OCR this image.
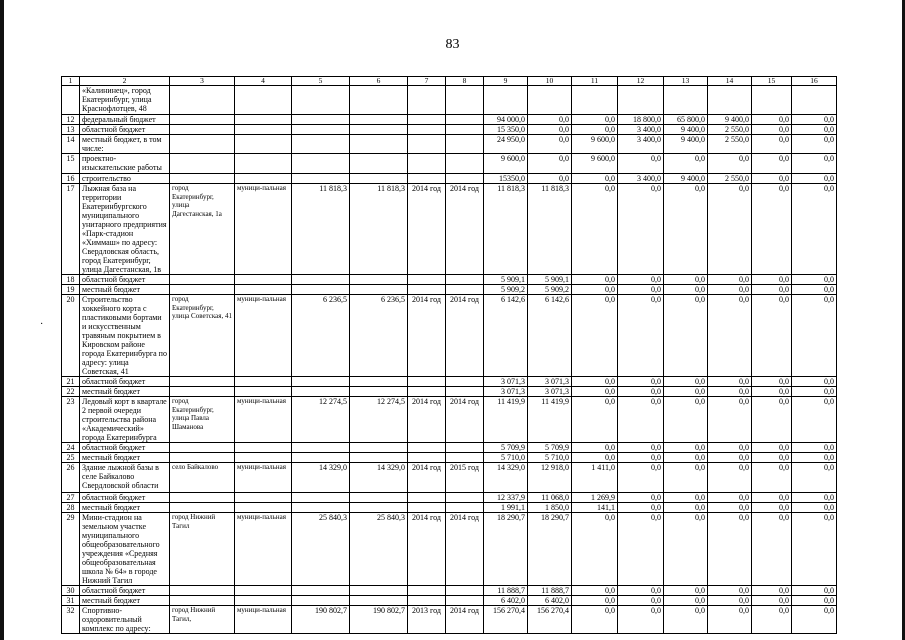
83
·
1	2	3	4	5	6	7	8	9	10	11	12	13	14	15	16
	«Калининец», город Екатеринбург, улица Краснофлотцев, 48														
12	федеральный бюджет							94 000,0	0,0	0,0	18 800,0	65 800,0	9 400,0	0,0	0,0
13	областной бюджет							15 350,0	0,0	0,0	3 400,0	9 400,0	2 550,0	0,0	0,0
14	местный бюджет, в том числе:							24 950,0	0,0	9 600,0	3 400,0	9 400,0	2 550,0	0,0	0,0
15	проектно-изыскательские работы							9 600,0	0,0	9 600,0	0,0	0,0	0,0	0,0	0,0
16	строительство							15350,0	0,0	0,0	3 400,0	9 400,0	2 550,0	0,0	0,0
17	Лыжная база на территории Екатеринбургского муниципального унитарного предприятия «Парк-стадион «Химмаш» по адресу: Свердловская область, город Екатеринбург, улица Дагестанская, 1в	город Екатеринбург, улица Дагестанская, 1а	муници-пальная	11 818,3	11 818,3	2014 год	2014 год	11 818,3	11 818,3	0,0	0,0	0,0	0,0	0,0	0,0
18	областной бюджет							5 909,1	5 909,1	0,0	0,0	0,0	0,0	0,0	0,0
19	местный бюджет							5 909,2	5 909,2	0,0	0,0	0,0	0,0	0,0	0,0
20	Строительство хоккейного корта с пластиковыми бортами и искусственным травяным покрытием в Кировском районе города Екатеринбурга по адресу: улица Советская, 41	город Екатеринбург, улица Советская, 41	муници-пальная	6 236,5	6 236,5	2014 год	2014 год	6 142,6	6 142,6	0,0	0,0	0,0	0,0	0,0	0,0
21	областной бюджет							3 071,3	3 071,3	0,0	0,0	0,0	0,0	0,0	0,0
22	местный бюджет							3 071,3	3 071,3	0,0	0,0	0,0	0,0	0,0	0,0
23	Ледовый корт в квартале 2 первой очереди строительства района «Академический» города Екатеринбурга	город Екатеринбург, улица Павла Шаманова	муници-пальная	12 274,5	12 274,5	2014 год	2014 год	11 419,9	11 419,9	0,0	0,0	0,0	0,0	0,0	0,0
24	областной бюджет							5 709,9	5 709,9	0,0	0,0	0,0	0,0	0,0	0,0
25	местный бюджет							5 710,0	5 710,0	0,0	0,0	0,0	0,0	0,0	0,0
26	Здание лыжной базы в селе Байкалово Свердловской области	село Байкалово	муници-пальная	14 329,0	14 329,0	2014 год	2015 год	14 329,0	12 918,0	1 411,0	0,0	0,0	0,0	0,0	0,0
27	областной бюджет							12 337,9	11 068,0	1 269,9	0,0	0,0	0,0	0,0	0,0
28	местный бюджет							1 991,1	1 850,0	141,1	0,0	0,0	0,0	0,0	0,0
29	Мини-стадион на земельном участке муниципального общеобразовательного учреждения «Средняя общеобразовательная школа № 64» в городе Нижний Тагил	город Нижний Тагил	муници-пальная	25 840,3	25 840,3	2014 год	2014 год	18 290,7	18 290,7	0,0	0,0	0,0	0,0	0,0	0,0
30	областной бюджет							11 888,7	11 888,7	0,0	0,0	0,0	0,0	0,0	0,0
31	местный бюджет							6 402,0	6 402,0	0,0	0,0	0,0	0,0	0,0	0,0
32	Спортивно-оздоровительный комплекс по адресу:	город Нижний Тагил,	муници-пальная	190 802,7	190 802,7	2013 год	2014 год	156 270,4	156 270,4	0,0	0,0	0,0	0,0	0,0	0,0
